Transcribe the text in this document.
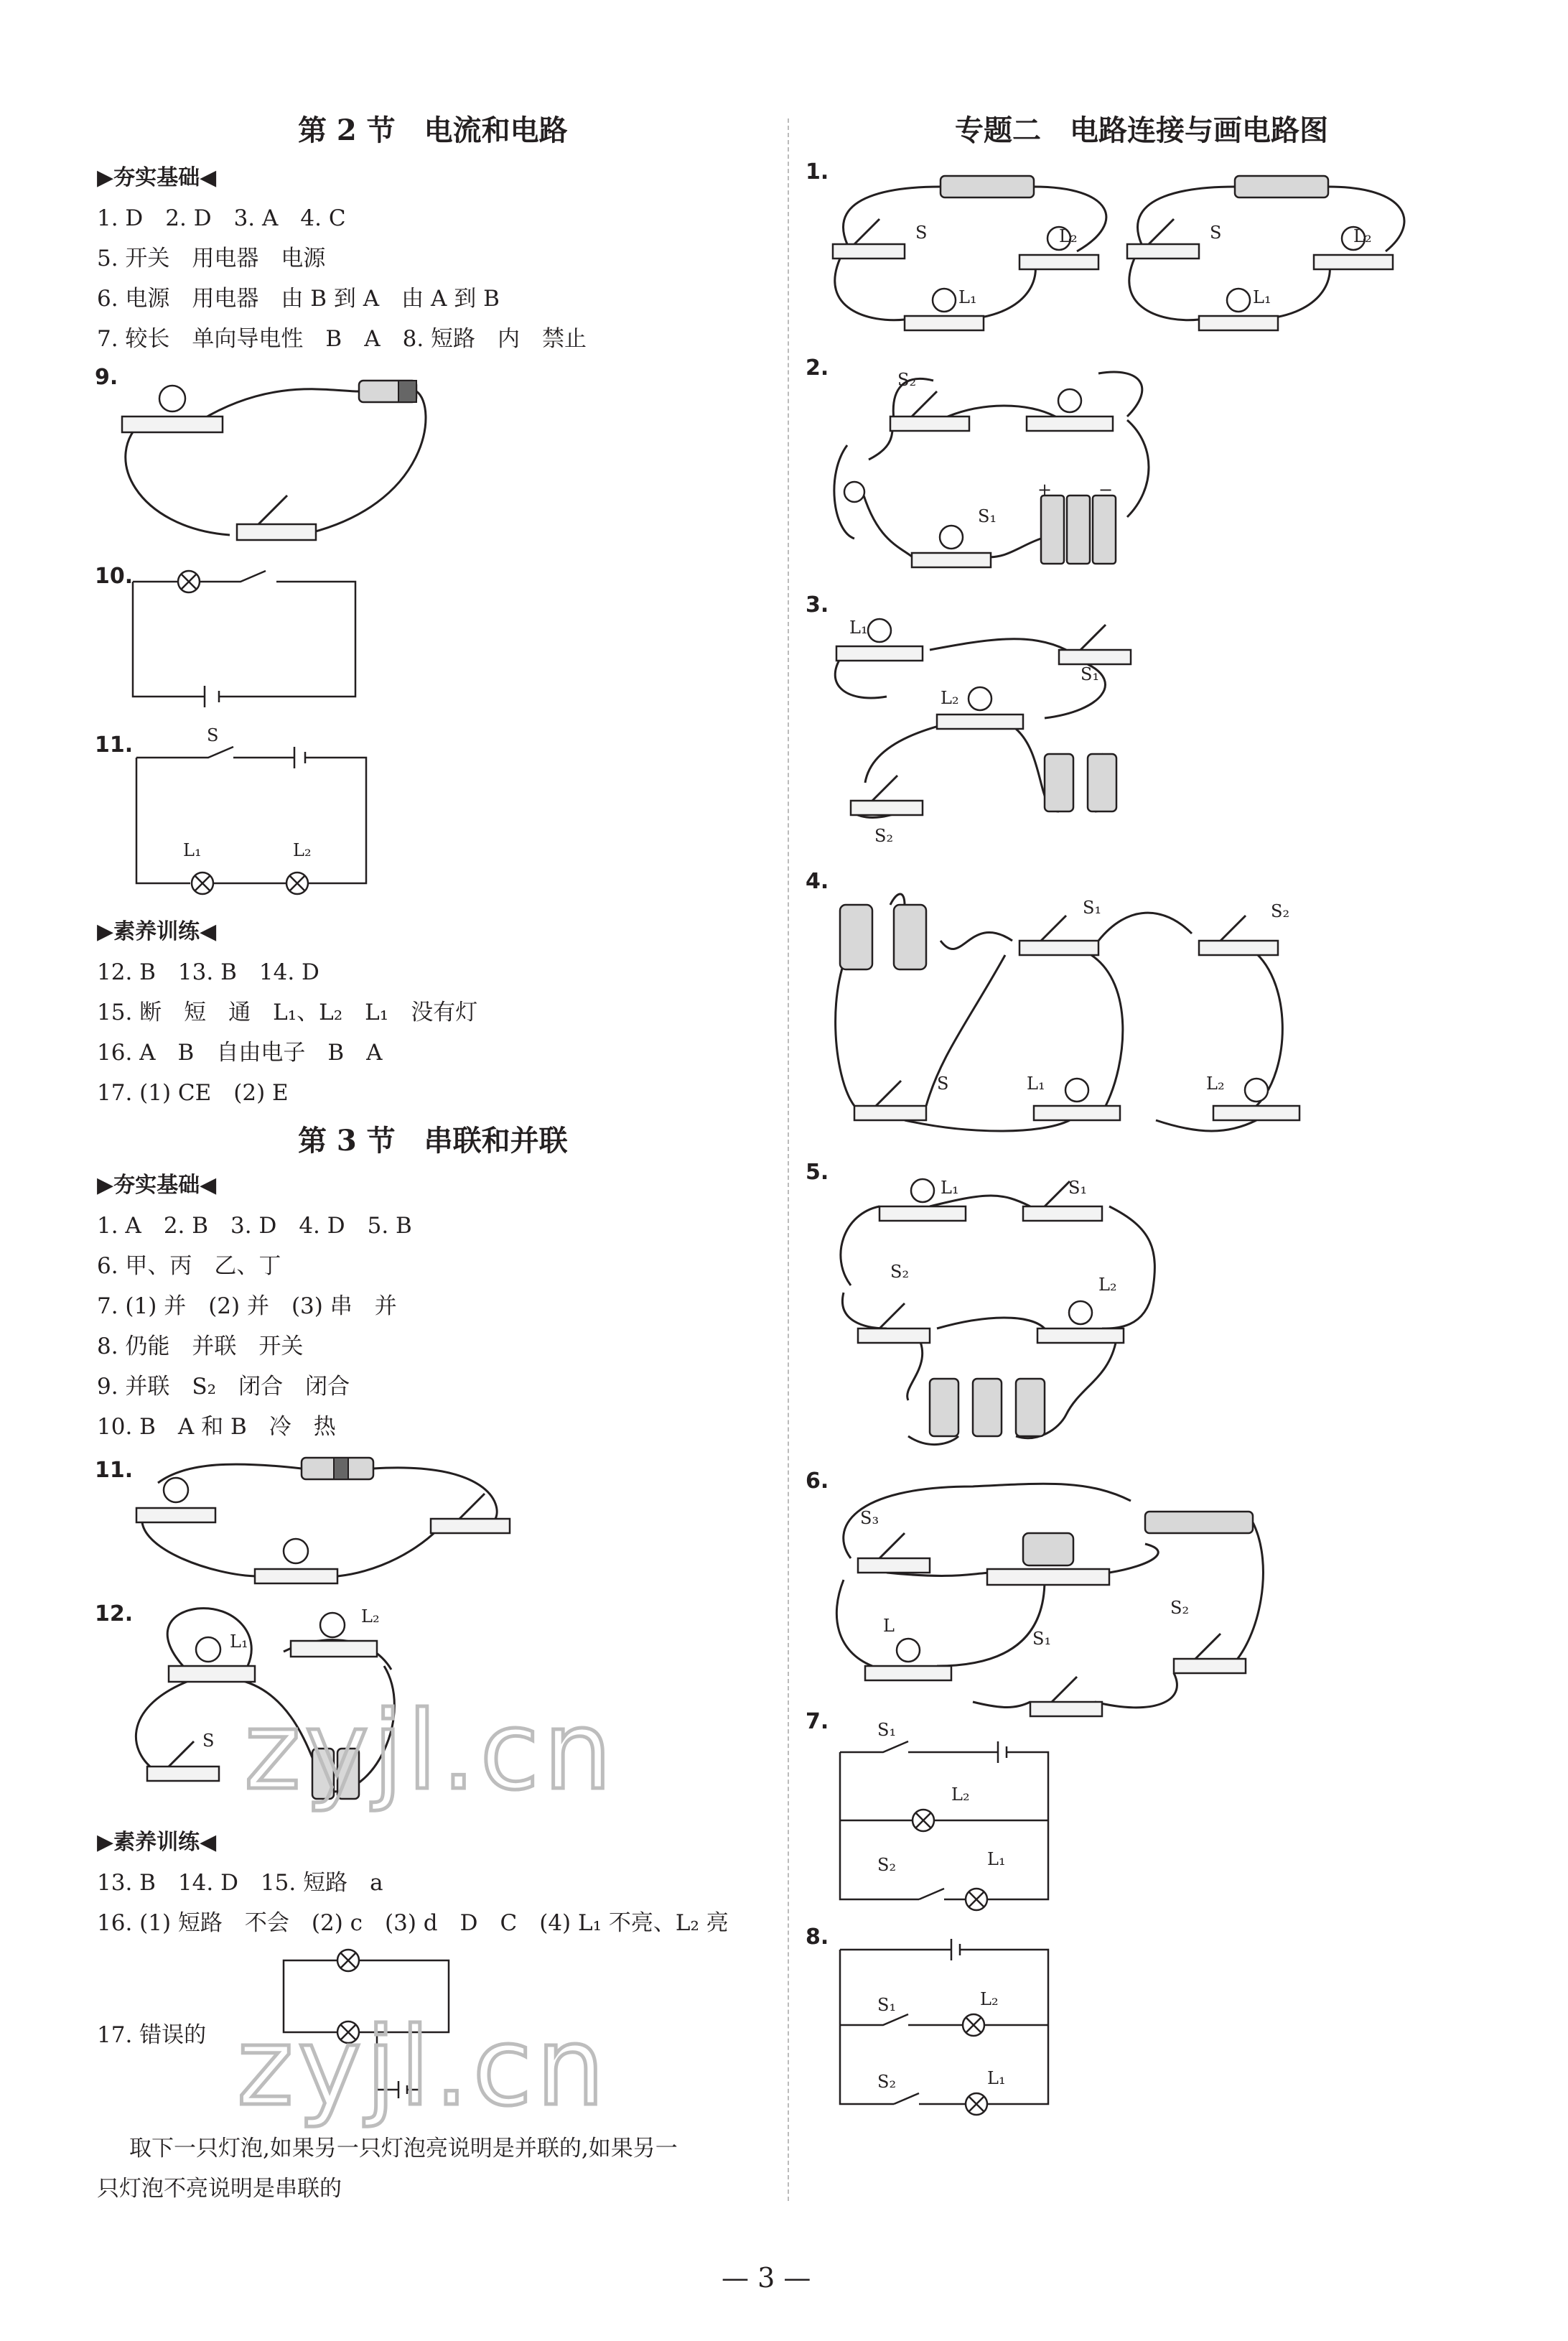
第 2 节　电流和电路
▶夯实基础◀
1. D　2. D　3. A　4. C
5. 开关　用电器　电源
6. 电源　用电器　由 B 到 A　由 A 到 B
7. 较长　单向导电性　B　A　8. 短路　内　禁止
9.
10.
11.	S
L₁	L₂
▶素养训练◀
12. B　13. B　14. D
15. 断　短　通　L₁、L₂　L₁　没有灯
16. A　B　自由电子　B　A
17. (1) CE　(2) E
第 3 节　串联和并联
▶夯实基础◀
1. A　2. B　3. D　4. D　5. B
6. 甲、丙　乙、丁
7. (1) 并　(2) 并　(3) 串　并
8. 仍能　并联　开关
9. 并联　S₂　闭合　闭合
10. B　A 和 B　冷　热
11.
12.
L₁
L₂
S
▶素养训练◀
13. B　14. D　15. 短路　a
16. (1) 短路　不会　(2) c　(3) d　D　C　(4) L₁ 不亮、L₂ 亮
17. 错误的
取下一只灯泡,如果另一只灯泡亮说明是并联的,如果另一
只灯泡不亮说明是串联的
专题二　电路连接与画电路图
1.
S	L₂
L₁
S	L₂
L₁
2.	S₂
S₁
+	−
3.
L₁
S₁
L₂
S₂
4.
S₁	S₂
S	L₁	L₂
5.
L₁	S₁
S₂
L₂
6.
S₃
L
S₁
S₂
7.	S₁
L₂
S₂	L₁
8.
S₁	L₂
S₂	L₁
zyjl.cn
zyjl.cn
— 3 —
